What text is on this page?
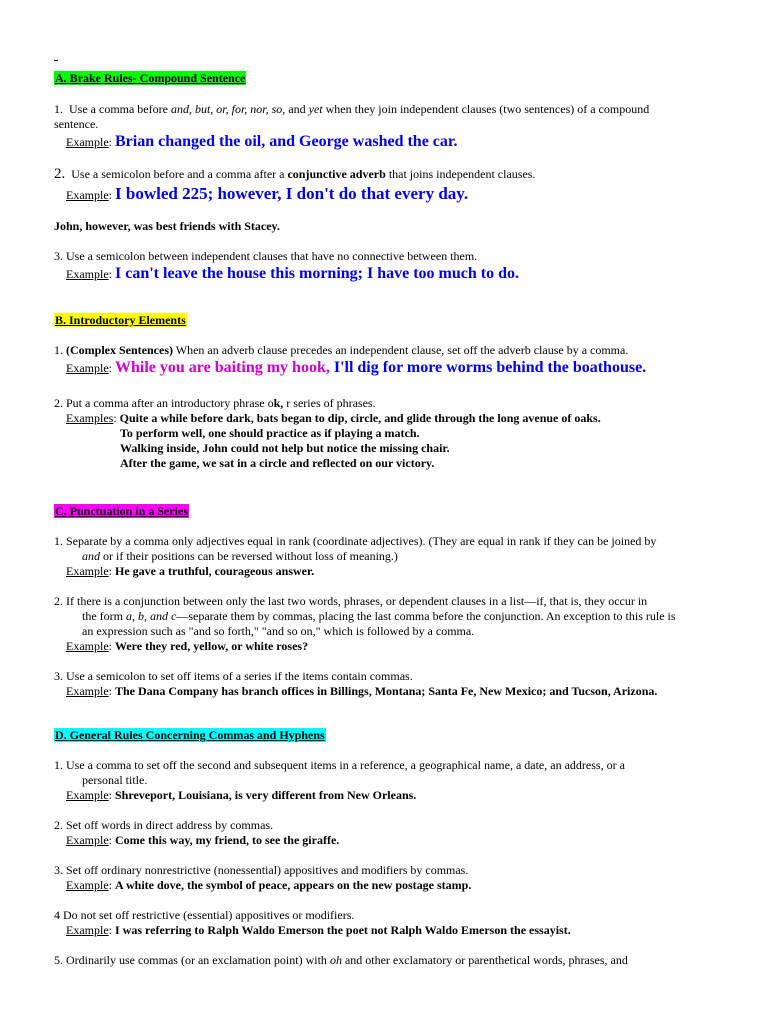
A. Brake Rules- Compound Sentence
1. Use a comma before and, but, or, for, nor, so, and yet when they join independent clauses (two sentences) of a compound
sentence.
Example: Brian changed the oil, and George washed the car.
2. Use a semicolon before and a comma after a conjunctive adverb that joins independent clauses.
Example: I bowled 225; however, I don't do that every day.
John, however, was best friends with Stacey.
3. Use a semicolon between independent clauses that have no connective between them.
Example: I can't leave the house this morning; I have too much to do.
B. Introductory Elements
1. (Complex Sentences) When an adverb clause precedes an independent clause, set off the adverb clause by a comma.
Example: While you are baiting my hook, I'll dig for more worms behind the boathouse.
2. Put a comma after an introductory phrase ok, r series of phrases.
Examples: Quite a while before dark, bats began to dip, circle, and glide through the long avenue of oaks.
To perform well, one should practice as if playing a match.
Walking inside, John could not help but notice the missing chair.
After the game, we sat in a circle and reflected on our victory.
C. Punctuation in a Series
1. Separate by a comma only adjectives equal in rank (coordinate adjectives). (They are equal in rank if they can be joined by
and or if their positions can be reversed without loss of meaning.)
Example: He gave a truthful, courageous answer.
2. If there is a conjunction between only the last two words, phrases, or dependent clauses in a list—if, that is, they occur in
the form a, b, and c—separate them by commas, placing the last comma before the conjunction. An exception to this rule is
an expression such as "and so forth," "and so on," which is followed by a comma.
Example: Were they red, yellow, or white roses?
3. Use a semicolon to set off items of a series if the items contain commas.
Example: The Dana Company has branch offices in Billings, Montana; Santa Fe, New Mexico; and Tucson, Arizona.
D. General Rules Concerning Commas and Hyphens
1. Use a comma to set off the second and subsequent items in a reference, a geographical name, a date, an address, or a
personal title.
Example: Shreveport, Louisiana, is very different from New Orleans.
2. Set off words in direct address by commas.
Example: Come this way, my friend, to see the giraffe.
3. Set off ordinary nonrestrictive (nonessential) appositives and modifiers by commas.
Example: A white dove, the symbol of peace, appears on the new postage stamp.
4 Do not set off restrictive (essential) appositives or modifiers.
Example: I was referring to Ralph Waldo Emerson the poet not Ralph Waldo Emerson the essayist.
5. Ordinarily use commas (or an exclamation point) with oh and other exclamatory or parenthetical words, phrases, and
